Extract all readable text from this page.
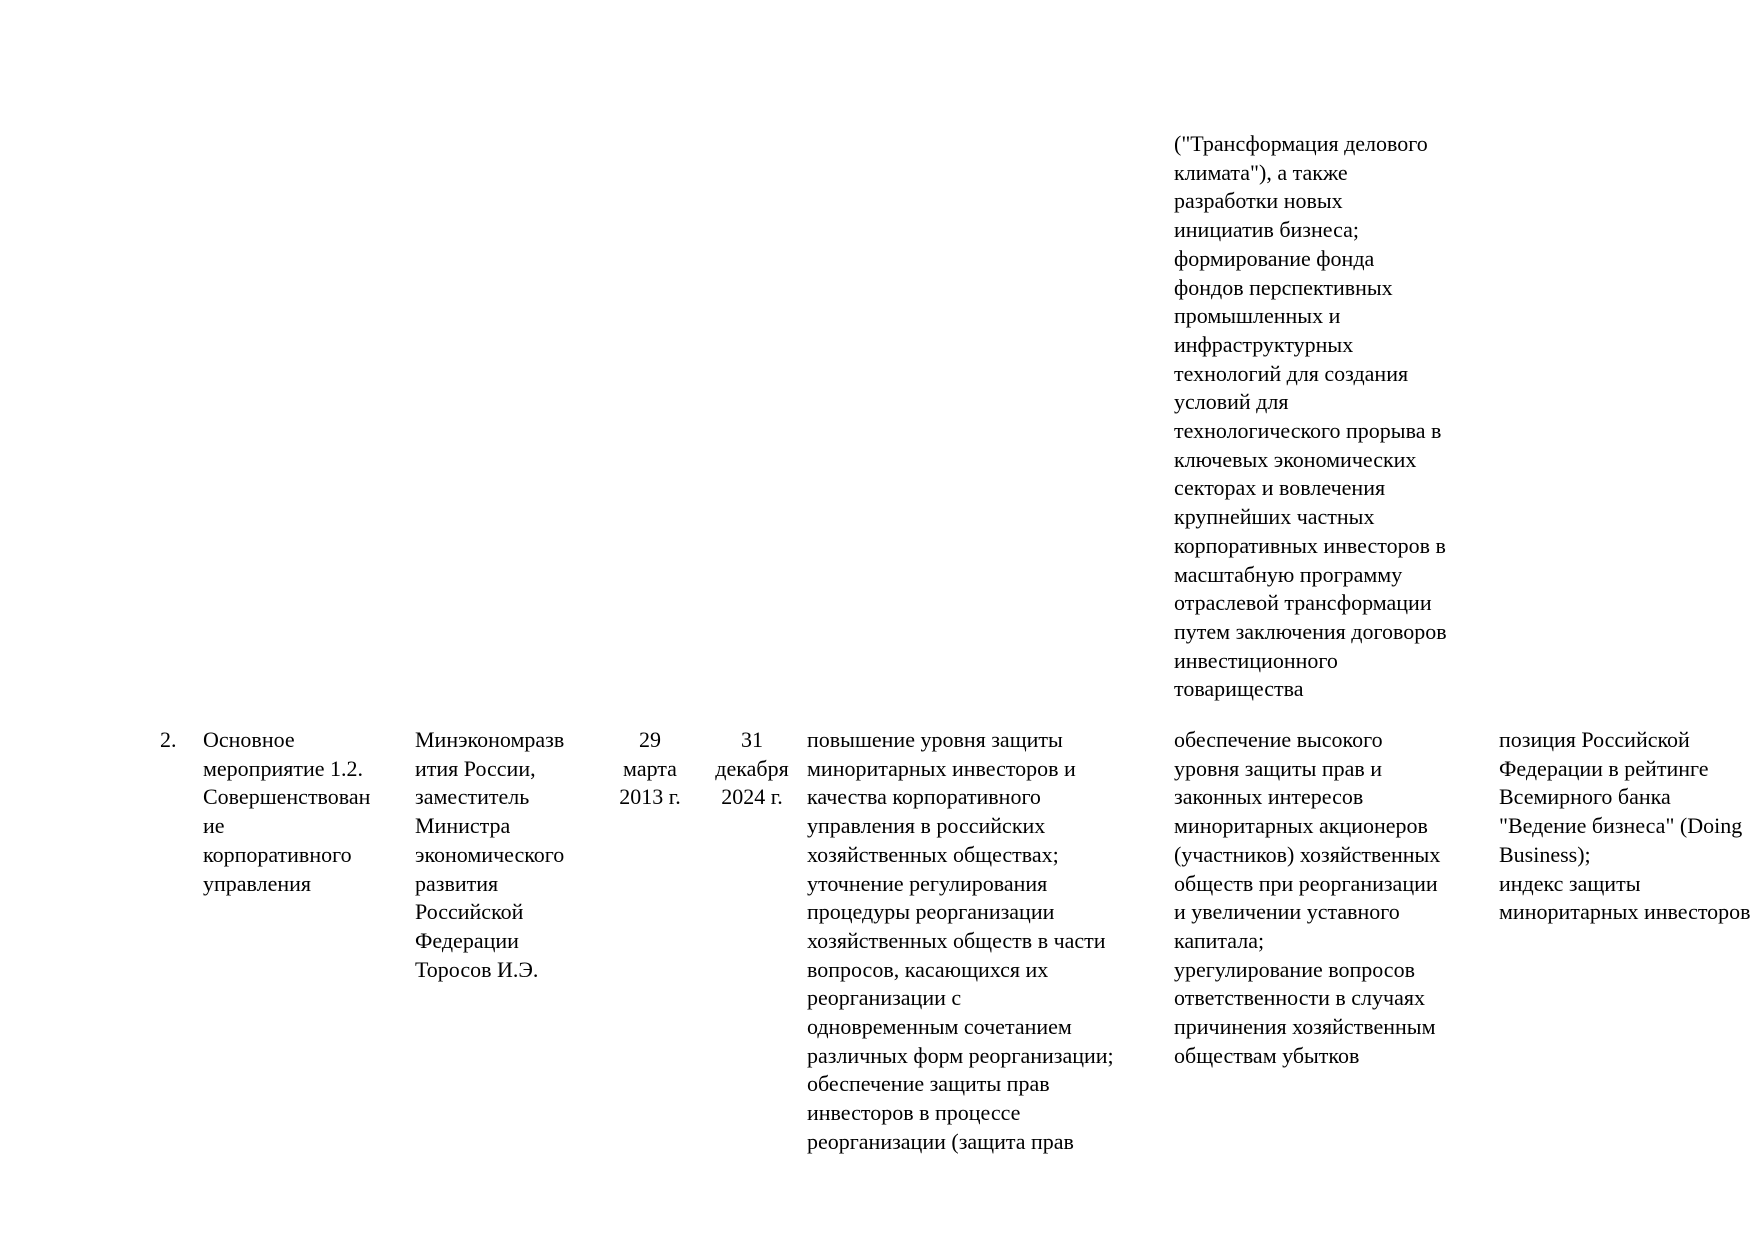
("Трансформация делового
климата"), а также
разработки новых
инициатив бизнеса;
формирование фонда
фондов перспективных
промышленных и
инфраструктурных
технологий для создания
условий для
технологического прорыва в
ключевых экономических
секторах и вовлечения
крупнейших частных
корпоративных инвесторов в
масштабную программу
отраслевой трансформации
путем заключения договоров
инвестиционного
товарищества
2.	Основное
мероприятие 1.2.
Совершенствован
ие
корпоративного
управления
Минэкономразв
ития России,
заместитель
Министра
экономического
развития
Российской
Федерации
Торосов И.Э.
29
марта
2013 г.
31
декабря
2024 г.
повышение уровня защиты
миноритарных инвесторов и
качества корпоративного
управления в российских
хозяйственных обществах;
уточнение регулирования
процедуры реорганизации
хозяйственных обществ в части
вопросов, касающихся их
реорганизации с
одновременным сочетанием
различных форм реорганизации;
обеспечение защиты прав
инвесторов в процессе
реорганизации (защита прав
обеспечение высокого
уровня защиты прав и
законных интересов
миноритарных акционеров
(участников) хозяйственных
обществ при реорганизации
и увеличении уставного
капитала;
урегулирование вопросов
ответственности в случаях
причинения хозяйственным
обществам убытков
позиция Российской
Федерации в рейтинге
Всемирного банка
"Ведение бизнеса" (Doing
Business);
индекс защиты
миноритарных инвесторов
